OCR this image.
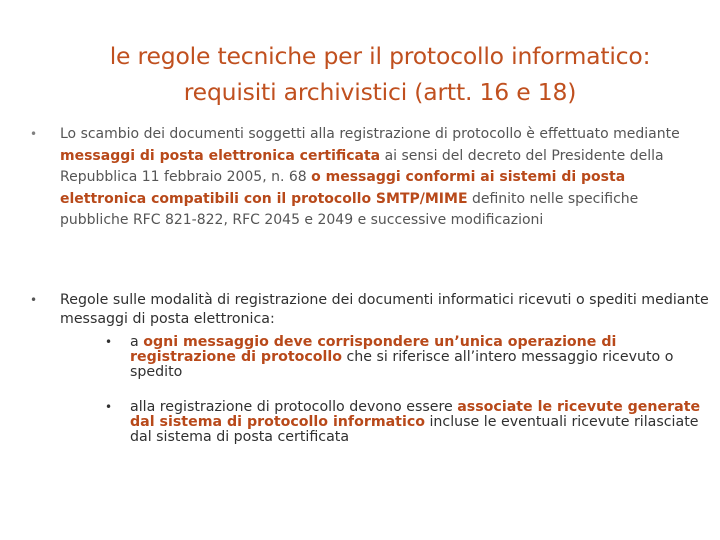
le regole tecniche per il protocollo informatico:
requisiti archivistici (artt. 16 e 18)
• Lo scambio dei documenti soggetti alla registrazione di protocollo è effettuato mediante messaggi di posta elettronica certificata ai sensi del decreto del Presidente della Repubblica 11 febbraio 2005, n. 68 o messaggi conformi ai sistemi di posta elettronica compatibili con il protocollo SMTP/MIME definito nelle specifiche pubbliche RFC 821-822, RFC 2045 e 2049 e successive modificazioni
• Regole sulle modalità di registrazione dei documenti informatici ricevuti o spediti mediante messaggi di posta elettronica:
• a ogni messaggio deve corrispondere un’unica operazione di registrazione di protocollo che si riferisce all’intero messaggio ricevuto o spedito
• alla registrazione di protocollo devono essere associate le ricevute generate dal sistema di protocollo informatico incluse le eventuali ricevute rilasciate dal sistema di posta certificata
